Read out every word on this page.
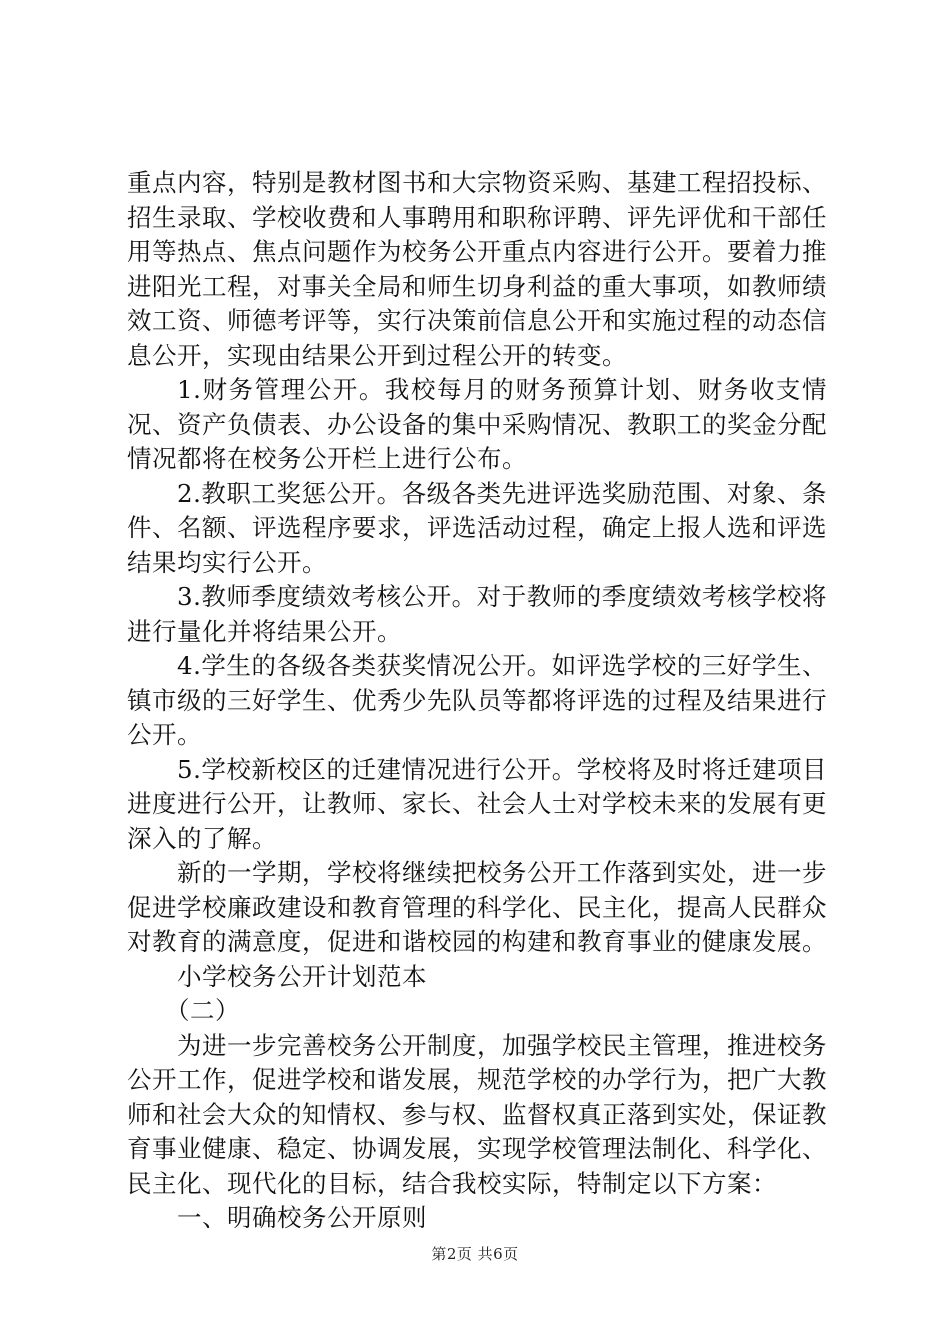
重点内容，特别是教材图书和大宗物资采购、基建工程招投标、招生录取、学校收费和人事聘用和职称评聘、评先评优和干部任用等热点、焦点问题作为校务公开重点内容进行公开。要着力推进阳光工程，对事关全局和师生切身利益的重大事项，如教师绩效工资、师德考评等，实行决策前信息公开和实施过程的动态信息公开，实现由结果公开到过程公开的转变。

1.财务管理公开。我校每月的财务预算计划、财务收支情况、资产负债表、办公设备的集中采购情况、教职工的奖金分配情况都将在校务公开栏上进行公布。

2.教职工奖惩公开。各级各类先进评选奖励范围、对象、条件、名额、评选程序要求，评选活动过程，确定上报人选和评选结果均实行公开。

3.教师季度绩效考核公开。对于教师的季度绩效考核学校将进行量化并将结果公开。

4.学生的各级各类获奖情况公开。如评选学校的三好学生、镇市级的三好学生、优秀少先队员等都将评选的过程及结果进行公开。

5.学校新校区的迁建情况进行公开。学校将及时将迁建项目进度进行公开，让教师、家长、社会人士对学校未来的发展有更深入的了解。

新的一学期，学校将继续把校务公开工作落到实处，进一步促进学校廉政建设和教育管理的科学化、民主化，提高人民群众对教育的满意度，促进和谐校园的构建和教育事业的健康发展。

小学校务公开计划范本

（二）

为进一步完善校务公开制度，加强学校民主管理，推进校务公开工作，促进学校和谐发展，规范学校的办学行为，把广大教师和社会大众的知情权、参与权、监督权真正落到实处，保证教育事业健康、稳定、协调发展，实现学校管理法制化、科学化、民主化、现代化的目标，结合我校实际，特制定以下方案：

一、明确校务公开原则

第2页 共6页
